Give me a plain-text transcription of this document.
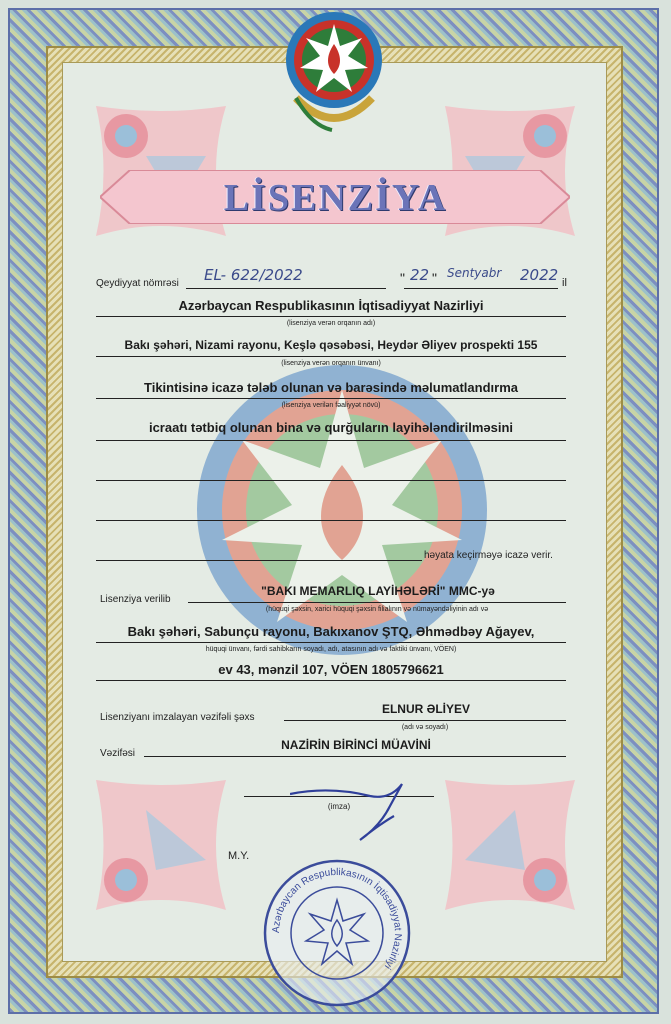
LİSENZİYA
Qeydiyyat nömrəsi EL- 622/2022	" 22 " Sentyabr 2022 il
Azərbaycan Respublikasının İqtisadiyyat Nazirliyi
(lisenziya verən orqanın adı)
Bakı şəhəri, Nizami rayonu, Keşlə qəsəbəsi, Heydər Əliyev prospekti 155
(lisenziya verən orqanın ünvanı)
Tikintisinə icazə tələb olunan və barəsində məlumatlandırma
(lisenziya verilən fəaliyyət növü)
icraatı tətbiq olunan bina və qurğuların layihələndirilməsini
həyata keçirməyə icazə verir.
Lisenziya verilib
"BAKI MEMARLIQ LAYİHƏLƏRİ" MMC-yə
(hüquqi şəxsin, xarici hüquqi şəxsin filialının və nümayəndəliyinin adı və
Bakı şəhəri, Sabunçu rayonu, Bakıxanov ŞTQ, Əhmədbəy Ağayev,
hüquqi ünvanı, fərdi sahibkarın soyadı, adı, atasının adı və faktiki ünvanı, VÖEN)
ev 43, mənzil 107, VÖEN 1805796621
Lisenziyanı imzalayan vəzifəli şəxs
ELNUR ƏLİYEV
(adı və soyadı)
Vəzifəsi
NAZİRİN BİRİNCİ MÜAVİNİ
(imza)
M.Y.
Azərbaycan Respublikasının İqtisadiyyat Nazirliyi
